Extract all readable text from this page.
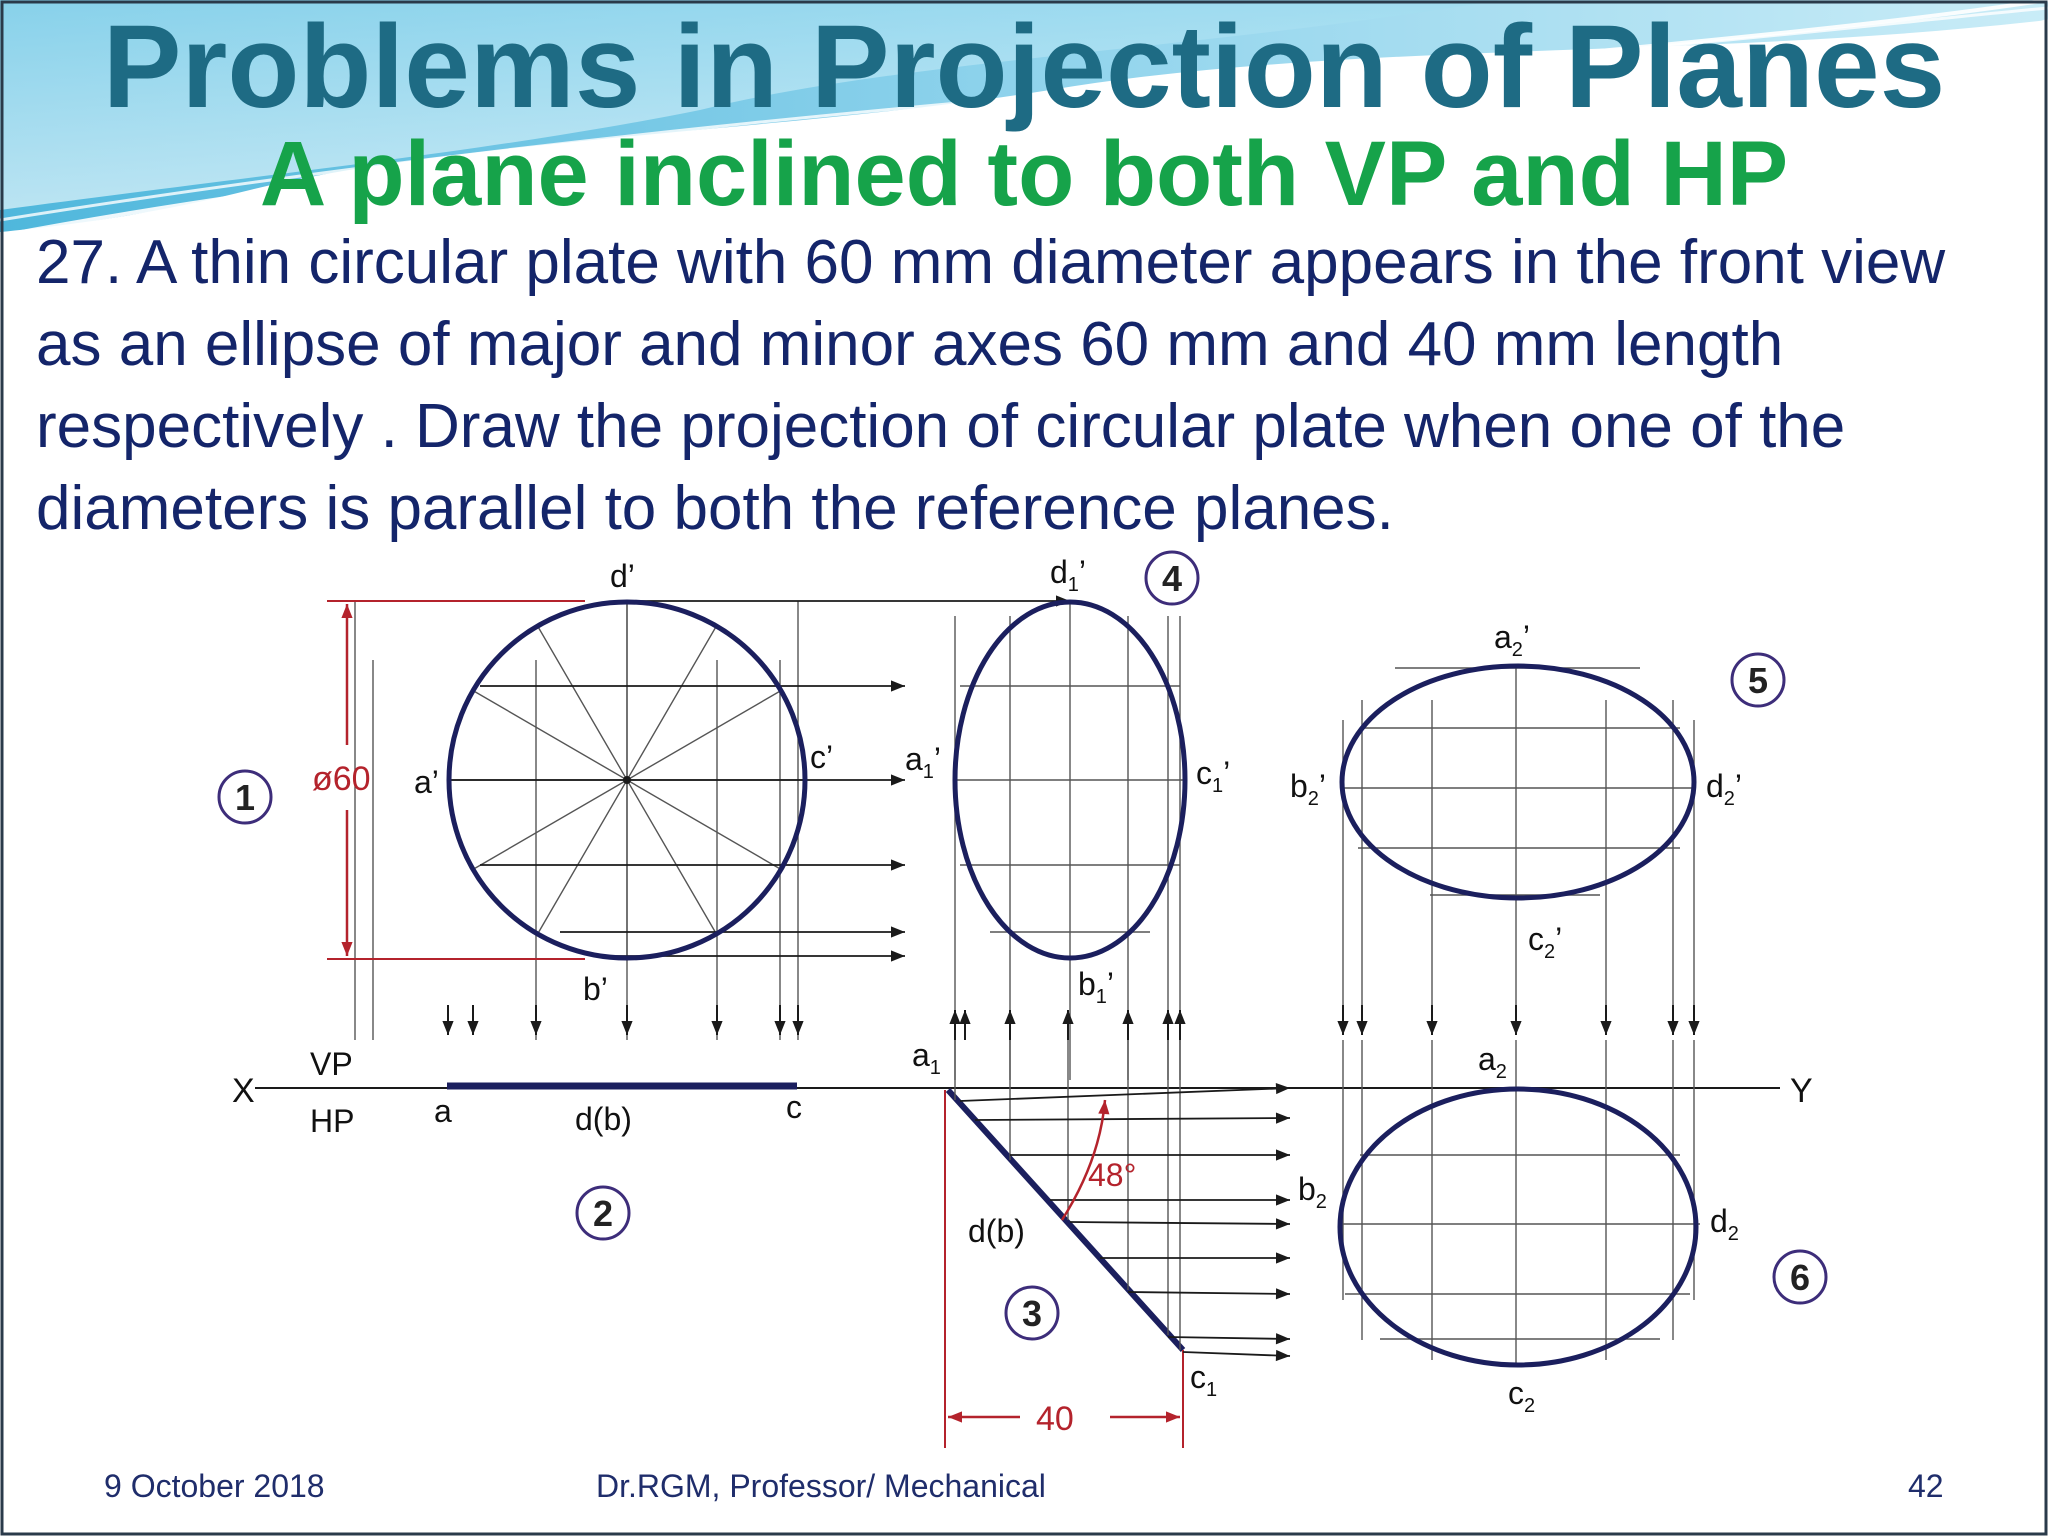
Problems in Projection of Planes
A plane inclined to both VP and HP
27. A thin circular plate with 60 mm diameter appears in the front view as an ellipse of major and minor axes 60 mm and 40 mm length respectively . Draw the projection of circular plate when one of the diameters is parallel to both the reference planes.
ø60 a’
d’
c’
b’
$d_1$’
$a_1$’	$c_1$’
$b_1$’
X	Y
VP
HP a	d(b)	c
48°
40
$a_1$
d(b)
$c_1$
$a_2$’
$b_2$’	$d_2$’
$c_2$’
$a_2$
$b_2$
$d_2$
$c_2$
1
2
3
4
5
6
9 October 2018	Dr.RGM, Professor/ Mechanical	42
